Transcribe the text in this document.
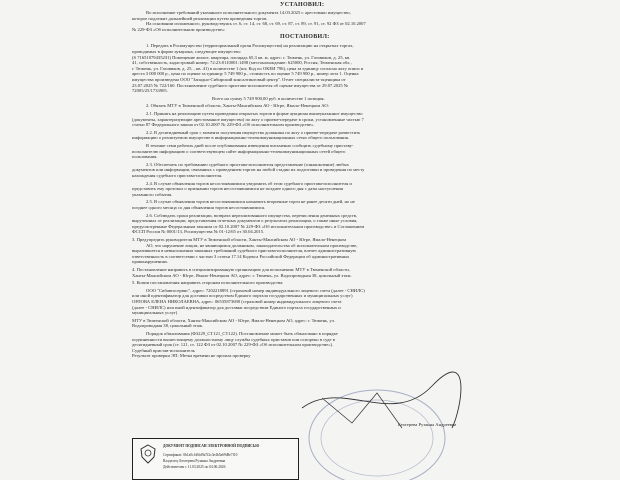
УСТАНОВИЛ:
Во исполнение требований указанного исполнительного документа 14.03.2025 г. арестовано имущество,
которое подлежит дальнейшей реализации путем проведения торгов.
На основании изложенного, руководствуясь ст. 6, ст. 14, ст. 68, ст. 69, ст. 87, ст. 89, ст. 91, ст. 92 ФЗ от 02.10.2007
№ 229-ФЗ «Об исполнительном производстве»:
ПОСТАНОВИЛ:
1. Передать в Росимущество (территориальный орган Росимущества) на реализацию на открытых торгах,
проводимых в форме аукциона, следующее имущество:
(S 716510794352З1) Помещение жилое, квартира, площадь 65,3 кв. м, адрес: г. Тюмень, ул. Газовиков, д. 25, кв.
41, собственность, кадастровый номер: 72:23:0110001:1498 (местонахождение: 625000, Россия, Тюменская обл.,
г. Тюмень, ул. Газовиков, д. 25, , кв. 41) в количестве 1 (шт, Код по ОКЕИ 796), цена за единицу согласно акту описи и
ареста 3 000 000 р., цена по оценке за единицу 5 749 900 р., стоимость по оценке 5 749 900 р., номер лота 1. Оценка
имущества произведена ООО "Западно-Сибирский консалтинговый центр". Отчет специалиста-оценщика от
23.07.2025 № 722/160. Постановление судебного пристава-исполнителя об оценке имущества от 29.07.2025 №
72005/25/1733905.
Всего на сумму 5 749 900,00 руб. в количестве 1 позиция.
2. Обязать МТУ в Тюменской области, Ханты-Мансийском АО - Югре, Ямало-Ненецком АО:
2.1. Принять на реализацию путем проведения открытых торгов в форме аукциона вышеуказанное имущество
(документы, характеризующие арестованное имущество) по акту о приеме-передаче в сроки, установленные частью 7
статьи 87 Федерального закона от 02.10.2007 № 229-ФЗ «Об исполнительном производстве».
2.2. В десятидневный срок с момента получения имущества должника по акту о приеме-передаче разместить
информацию о реализуемом имуществе в информационно-телекоммуникационных сетях общего пользования.
В течение семи рабочих дней после опубликования извещения письменно сообщить судебному приставу-
исполнителю информацию о соответствующем сайте информационно-телекоммуникационных сетей общего
пользования.
2.3. Обеспечить по требованию судебного пристава-исполнителя представление (ознакомление) любых
документов или информации, связанных с проведением торгов на любой стадии их подготовки и проведения по месту
нахождения судебного пристава-исполнителя.
2.4. В случае объявления торгов несостоявшимися уведомить об этом судебного пристава-исполнителя и
представить ему протокол о признании торгов несостоявшимися не позднее одного дня с даты наступления
указанного события.
2.5. В случае объявления торгов несостоявшимися назначить вторичные торги не ранее десяти дней, но не
позднее одного месяца со дня объявления торгов несостоявшимися.
2.6. Соблюдать сроки реализации, возврата нереализованного имущества, перечисления денежных средств,
вырученных от реализации, представления отчетных документов о результатах реализации, о также иные условия,
предусмотренные Федеральным законом от 02.10.2007 № 229-ФЗ «Об исполнительном производстве» и Соглашением
ФССП России № 0001/13, Росимущества № 01-12/65 от 30.04.2015.
3. Предупредить руководителя МТУ в Тюменской области, Ханты-Мансийском АО - Югре, Ямало-Ненецком
АО, что нарушение лицом, не являющимся должником, законодательства об исполнительном производстве,
выразившееся в невыполнении законных требований судебного пристава-исполнителя, влечет административную
ответственность в соответствии с частью 3 статьи 17.14 Кодекса Российской Федерации об административных
правонарушениях.
4. Постановление направить в специализированную организацию для исполнения: МТУ в Тюменской области,
Ханты-Мансийском АО - Югре, Ямало-Ненецком АО, адрес: г. Тюмень, ул. Водопроводная 38, цокольный этаж.
5. Копии постановления направить сторонам исполнительного производства:
ООО "Сибавтосервис", адрес: 7202218891 (страховой номер индивидуального лицевого счета (далее - СНИЛС)
или иной идентификатор для доставки посредством Единого портала государственных и муниципальных услуг)
ОРЛОВА ЕЛЕНА НИКОЛАЕВНА, адрес: 06535873690 (страховой номер индивидуального лицевого счета
(далее - СНИЛС) или иной идентификатор для доставки посредством Единого портала государственных и
муниципальных услуг)
МТУ в Тюменской области, Ханты-Мансийском АО - Югре, Ямало-Ненецком АО, адрес: г. Тюмень, ул.
Водопроводная 38, цокольный этаж.
Порядок обжалования (Ф3229_СТ121_СТ122). Постановление может быть обжаловано в порядке
подчиненности вышестоящему должностному лицу службы судебных приставов или оспорено в суде в
десятидневный срок (ст. 121, ст. 122 ФЗ от 02.10.2007 № 229-ФЗ «Об исполнительном производстве»).
Судебный пристав-исполнитель
Результат проверки ЭП: Метка времени не прошла проверку
ДОКУМЕНТ ПОДПИСАН ЭЛЕКТРОННОЙ ПОДПИСЬЮ
Сертификат: 0b1a0c1d6fd9a7f2c3e4b5a69d8e7f10
Владелец: Бехтерева Рузанна Андреевна
Действителен с 11.03.2025 по 04.06.2026
Бехтерева Рузанна Андреевна
